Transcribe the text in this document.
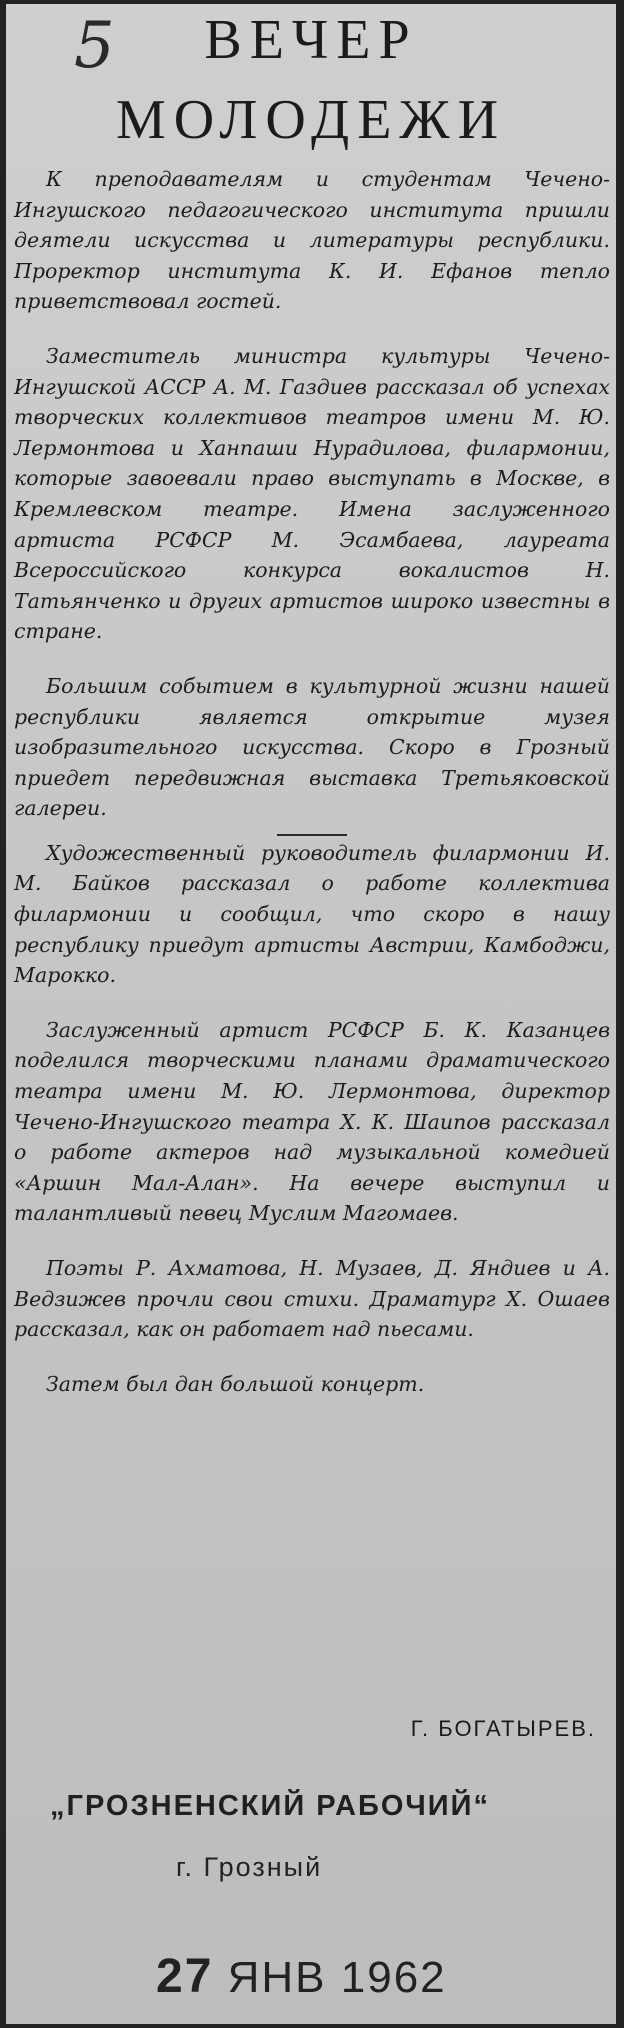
5	ВЕЧЕР
МОЛОДЕЖИ

К преподавателям и студентам Чечено-Ингушского педагогического института пришли деятели искусства и литературы республики. Проректор института К. И. Ефанов тепло приветствовал гостей.

Заместитель министра культуры Чечено-Ингушской АССР А. М. Газдиев рассказал об успехах творческих коллективов театров имени М. Ю. Лермонтова и Ханпаши Нурадилова, филармонии, которые завоевали право выступать в Москве, в Кремлевском театре. Имена заслуженного артиста РСФСР М. Эсамбаева, лауреата Всероссийского конкурса вокалистов Н. Татьянченко и других артистов широко известны в стране.

Большим событием в культурной жизни нашей республики является открытие музея изобразительного искусства. Скоро в Грозный приедет передвижная выставка Третьяковской галереи.

Художественный руководитель филармонии И. М. Байков рассказал о работе коллектива филармонии и сообщил, что скоро в нашу республику приедут артисты Австрии, Камбоджи, Марокко.

Заслуженный артист РСФСР Б. К. Казанцев поделился творческими планами драматического театра имени М. Ю. Лермонтова, директор Чечено-Ингушского театра Х. К. Шаипов рассказал о работе актеров над музыкальной комедией «Аршин Мал-Алан». На вечере выступил и талантливый певец Муслим Магомаев.

Поэты Р. Ахматова, Н. Музаев, Д. Яндиев и А. Ведзижев прочли свои стихи. Драматург Х. Ошаев рассказал, как он работает над пьесами.

Затем был дан большой концерт.

Г. БОГАТЫРЕВ.
„ГРОЗНЕНСКИЙ РАБОЧИЙ“
г. Грозный
27 ЯНВ 1962
